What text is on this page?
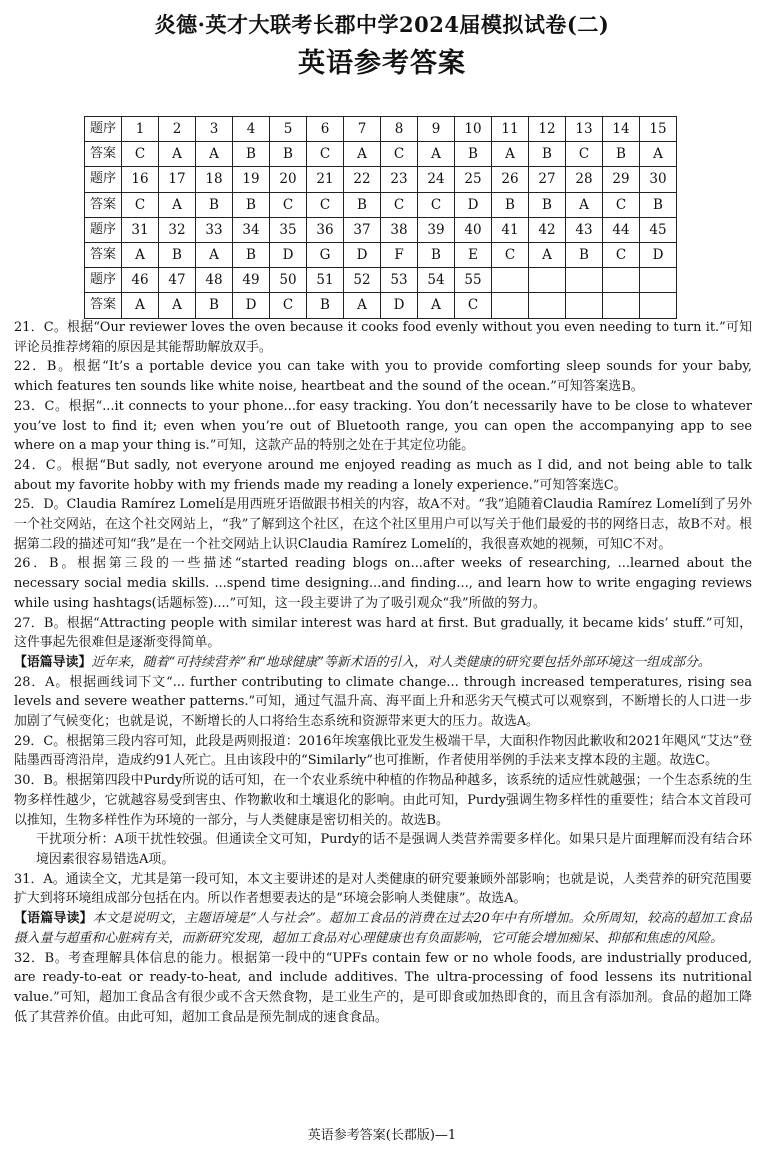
炎德·英才大联考长郡中学2024届模拟试卷(二)
英语参考答案
题序	1	2	3	4	5	6	7	8	9	10	11	12	13	14	15
答案	C	A	A	B	B	C	A	C	A	B	A	B	C	B	A
题序	16	17	18	19	20	21	22	23	24	25	26	27	28	29	30
答案	C	A	B	B	C	C	B	C	C	D	B	B	A	C	B
题序	31	32	33	34	35	36	37	38	39	40	41	42	43	44	45
答案	A	B	A	B	D	G	D	F	B	E	C	A	B	C	D
题序	46	47	48	49	50	51	52	53	54	55					
答案	A	A	B	D	C	B	A	D	A	C					

21．C。根据“Our reviewer loves the oven because it cooks food evenly without you even needing to turn it.”可知评论员推荐烤箱的原因是其能帮助解放双手。

22．B。根据“It’s a portable device you can take with you to provide comforting sleep sounds for your baby, which features ten sounds like white noise, heartbeat and the sound of the ocean.”可知答案选B。

23．C。根据“...it connects to your phone...for easy tracking. You don’t necessarily have to be close to whatever you’ve lost to find it; even when you’re out of Bluetooth range, you can open the accompanying app to see where on a map your thing is.”可知，这款产品的特别之处在于其定位功能。

24．C。根据“But sadly, not everyone around me enjoyed reading as much as I did, and not being able to talk about my favorite hobby with my friends made my reading a lonely experience.”可知答案选C。

25．D。Claudia Ramírez Lomelí是用西班牙语做跟书相关的内容，故A不对。“我”追随着Claudia Ramírez Lomelí到了另外一个社交网站，在这个社交网站上，“我”了解到这个社区，在这个社区里用户可以写关于他们最爱的书的网络日志，故B不对。根据第二段的描述可知“我”是在一个社交网站上认识Claudia Ramírez Lomelí的，我很喜欢她的视频，可知C不对。

26．B。根据第三段的一些描述“started reading blogs on...after weeks of researching, ...learned about the necessary social media skills. ...spend time designing...and finding..., and learn how to write engaging reviews while using hashtags(话题标签)....”可知，这一段主要讲了为了吸引观众“我”所做的努力。

27．B。根据“Attracting people with similar interest was hard at first. But gradually, it became kids’ stuff.”可知，这件事起先很难但是逐渐变得简单。

【语篇导读】近年来，随着“可持续营养”和“地球健康”等新术语的引入，对人类健康的研究要包括外部环境这一组成部分。

28．A。根据画线词下文“... further contributing to climate change... through increased temperatures, rising sea levels and severe weather patterns.”可知，通过气温升高、海平面上升和恶劣天气模式可以观察到，不断增长的人口进一步加剧了气候变化；也就是说，不断增长的人口将给生态系统和资源带来更大的压力。故选A。

29．C。根据第三段内容可知，此段是两则报道：2016年埃塞俄比亚发生极端干旱，大面积作物因此歉收和2021年飓风“艾达”登陆墨西哥湾沿岸，造成约91人死亡。且由该段中的“Similarly”也可推断，作者使用举例的手法来支撑本段的主题。故选C。

30．B。根据第四段中Purdy所说的话可知，在一个农业系统中种植的作物品种越多，该系统的适应性就越强；一个生态系统的生物多样性越少，它就越容易受到害虫、作物歉收和土壤退化的影响。由此可知，Purdy强调生物多样性的重要性；结合本文首段可以推知，生物多样性作为环境的一部分，与人类健康是密切相关的。故选B。

干扰项分析：A项干扰性较强。但通读全文可知，Purdy的话不是强调人类营养需要多样化。如果只是片面理解而没有结合环境因素很容易错选A项。

31．A。通读全文，尤其是第一段可知，本文主要讲述的是对人类健康的研究要兼顾外部影响；也就是说，人类营养的研究范围要扩大到将环境组成部分包括在内。所以作者想要表达的是“环境会影响人类健康”。故选A。

【语篇导读】本文是说明文，主题语境是“人与社会”。超加工食品的消费在过去20年中有所增加。众所周知，较高的超加工食品摄入量与超重和心脏病有关，而新研究发现，超加工食品对心理健康也有负面影响，它可能会增加痴呆、抑郁和焦虑的风险。

32．B。考查理解具体信息的能力。根据第一段中的“UPFs contain few or no whole foods, are industrially produced, are ready-to-eat or ready-to-heat, and include additives. The ultra-processing of food lessens its nutritional value.”可知，超加工食品含有很少或不含天然食物，是工业生产的，是可即食或加热即食的，而且含有添加剂。食品的超加工降低了其营养价值。由此可知，超加工食品是预先制成的速食食品。

英语参考答案(长郡版)—1
